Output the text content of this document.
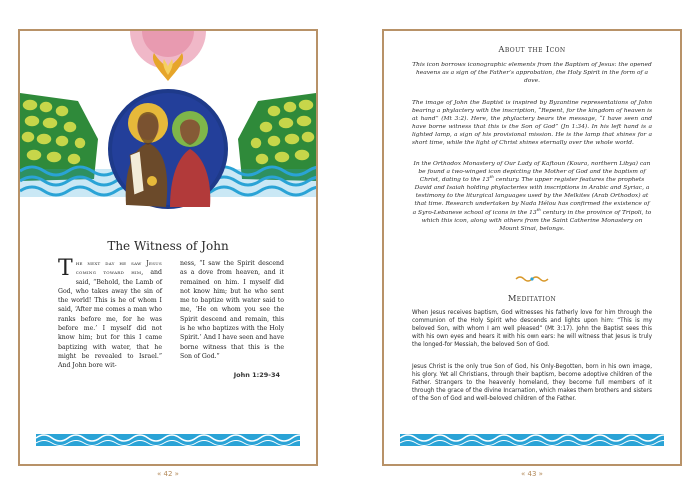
The Witness of John
The next day he saw Jesus coming toward him, and said, “Behold, the Lamb of God, who takes away the sin of the world! This is he of whom I said, ‘After me comes a man who ranks before me, for he was before me.’ I myself did not know him; but for this I came baptizing with water, that he might be revealed to Israel.” And John bore wit-
ness, “I saw the Spirit descend as a dove from heaven, and it remained on him. I myself did not know him; but he who sent me to baptize with water said to me, ‘He on whom you see the Spirit descend and remain, this is he who baptizes with the Holy Spirit.’ And I have seen and have borne witness that this is the Son of God.”
John 1:29-34
About the Icon
This icon borrows iconographic elements from the Baptism of Jesus: the opened heavens as a sign of the Father’s approbation, the Holy Spirit in the form of a dove.
The image of John the Baptist is inspired by Byzantine representations of John bearing a phylactery with the inscription, “Repent, for the kingdom of heaven is at hand” (Mt 3:2). Here, the phylactery bears the message, “I have seen and have borne witness that this is the Son of God” (Jn 1:34). In his left hand is a lighted lamp, a sign of his provisional mission. He is the lamp that shines for a short time, while the light of Christ shines eternally over the whole world.
In the Orthodox Monastery of Our Lady of Kaftoun (Koura, northern Libya) can be found a two-winged icon depicting the Mother of God and the baptism of Christ, dating to the 13th century. The upper register features the prophets David and Isaiah holding phylacteries with inscriptions in Arabic and Syriac, a testimony to the liturgical languages used by the Melkites (Arab Orthodox) at that time. Research undertaken by Nada Hélou has confirmed the existence of a Syro-Lebanese school of icons in the 13th century in the province of Tripoli, to which this icon, along with others from the Saint Catherine Monastery on Mount Sinai, belongs.
Meditation
When Jesus receives baptism, God witnesses his fatherly love for him through the communion of the Holy Spirit who descends and lights upon him: “This is my beloved Son, with whom I am well pleased” (Mt 3:17). John the Baptist sees this with his own eyes and hears it with his own ears: he will witness that Jesus is truly the longed-for Messiah, the beloved Son of God.
Jesus Christ is the only true Son of God, his Only-Begotten, born in his own image, his glory. Yet all Christians, through their baptism, become adoptive children of the Father. Strangers to the heavenly homeland, they become full members of it through the grace of the divine Incarnation, which makes them brothers and sisters of the Son of God and well-beloved children of the Father.
« 42 »	« 43 »
